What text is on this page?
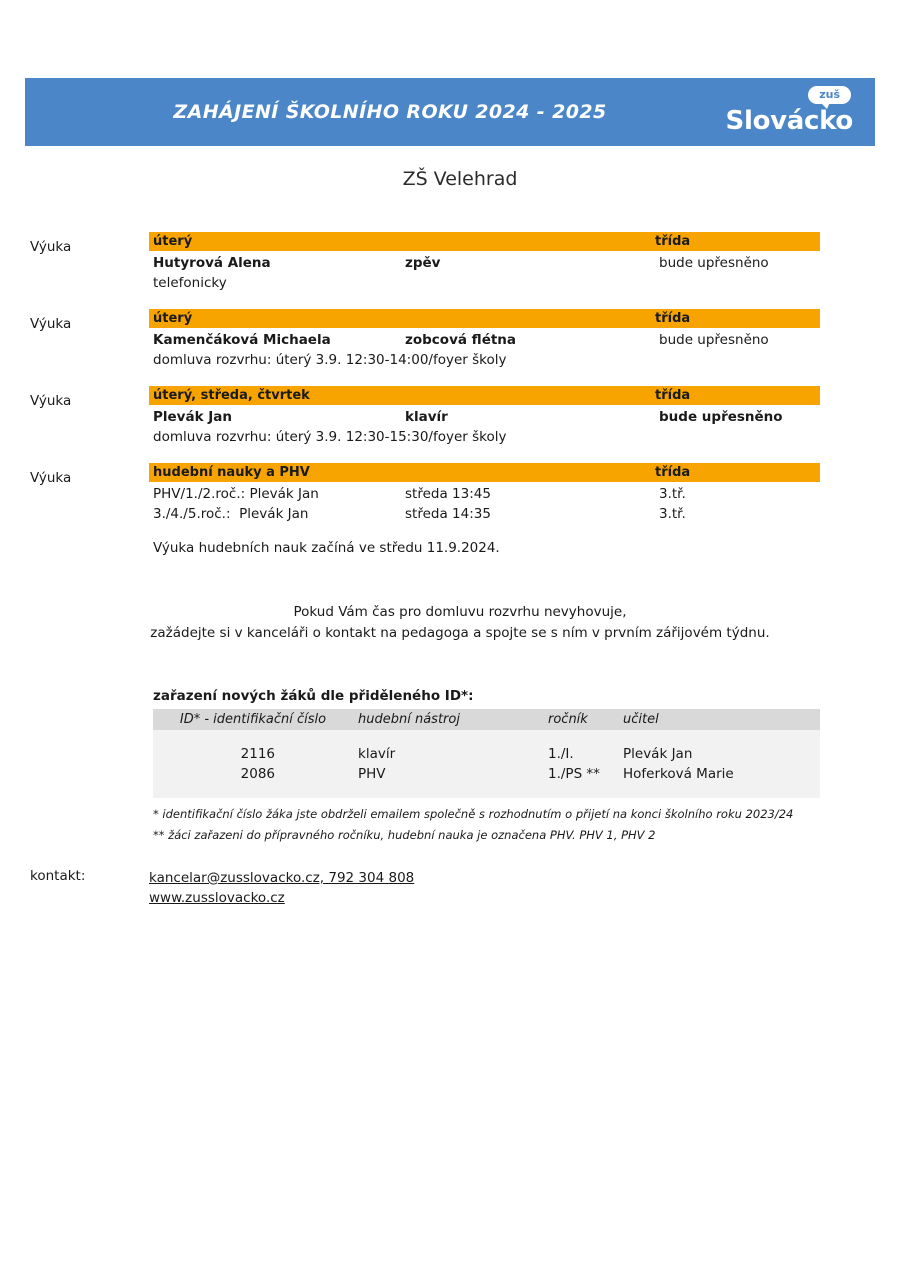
ZAHÁJENÍ ŠKOLNÍHO ROKU 2024 - 2025
zuš
Slovácko
ZŠ Velehrad
Výuka	úterý	třída
Hutyrová Alena	zpěv	bude upřesněno
telefonicky
Výuka	úterý	třída
Kamenčáková Michaela	zobcová flétna	bude upřesněno
domluva rozvrhu: úterý 3.9. 12:30-14:00/foyer školy
Výuka	úterý, středa, čtvrtek	třída
Plevák Jan	klavír	bude upřesněno
domluva rozvrhu: úterý 3.9. 12:30-15:30/foyer školy
Výuka	hudební nauky a PHV	třída
PHV/1./2.roč.: Plevák Jan	středa 13:45	3.tř.
3./4./5.roč.: Plevák Jan	středa 14:35	3.tř.
Výuka hudebních nauk začíná ve středu 11.9.2024.
Pokud Vám čas pro domluvu rozvrhu nevyhovuje,
zažádejte si v kanceláři o kontakt na pedagoga a spojte se s ním v prvním zářijovém týdnu.
zařazení nových žáků dle přiděleného ID*:
ID* - identifikační číslo	hudební nástroj	ročník	učitel

2116	klavír	1./I.	Plevák Jan
2086	PHV	1./PS **	Hoferková Marie

* identifikační číslo žáka jste obdrželi emailem společně s rozhodnutím o přijetí na konci školního roku 2023/24
** žáci zařazeni do přípravného ročníku, hudební nauka je označena PHV. PHV 1, PHV 2
kontakt:	kancelar@zusslovacko.cz, 792 304 808
www.zusslovacko.cz
